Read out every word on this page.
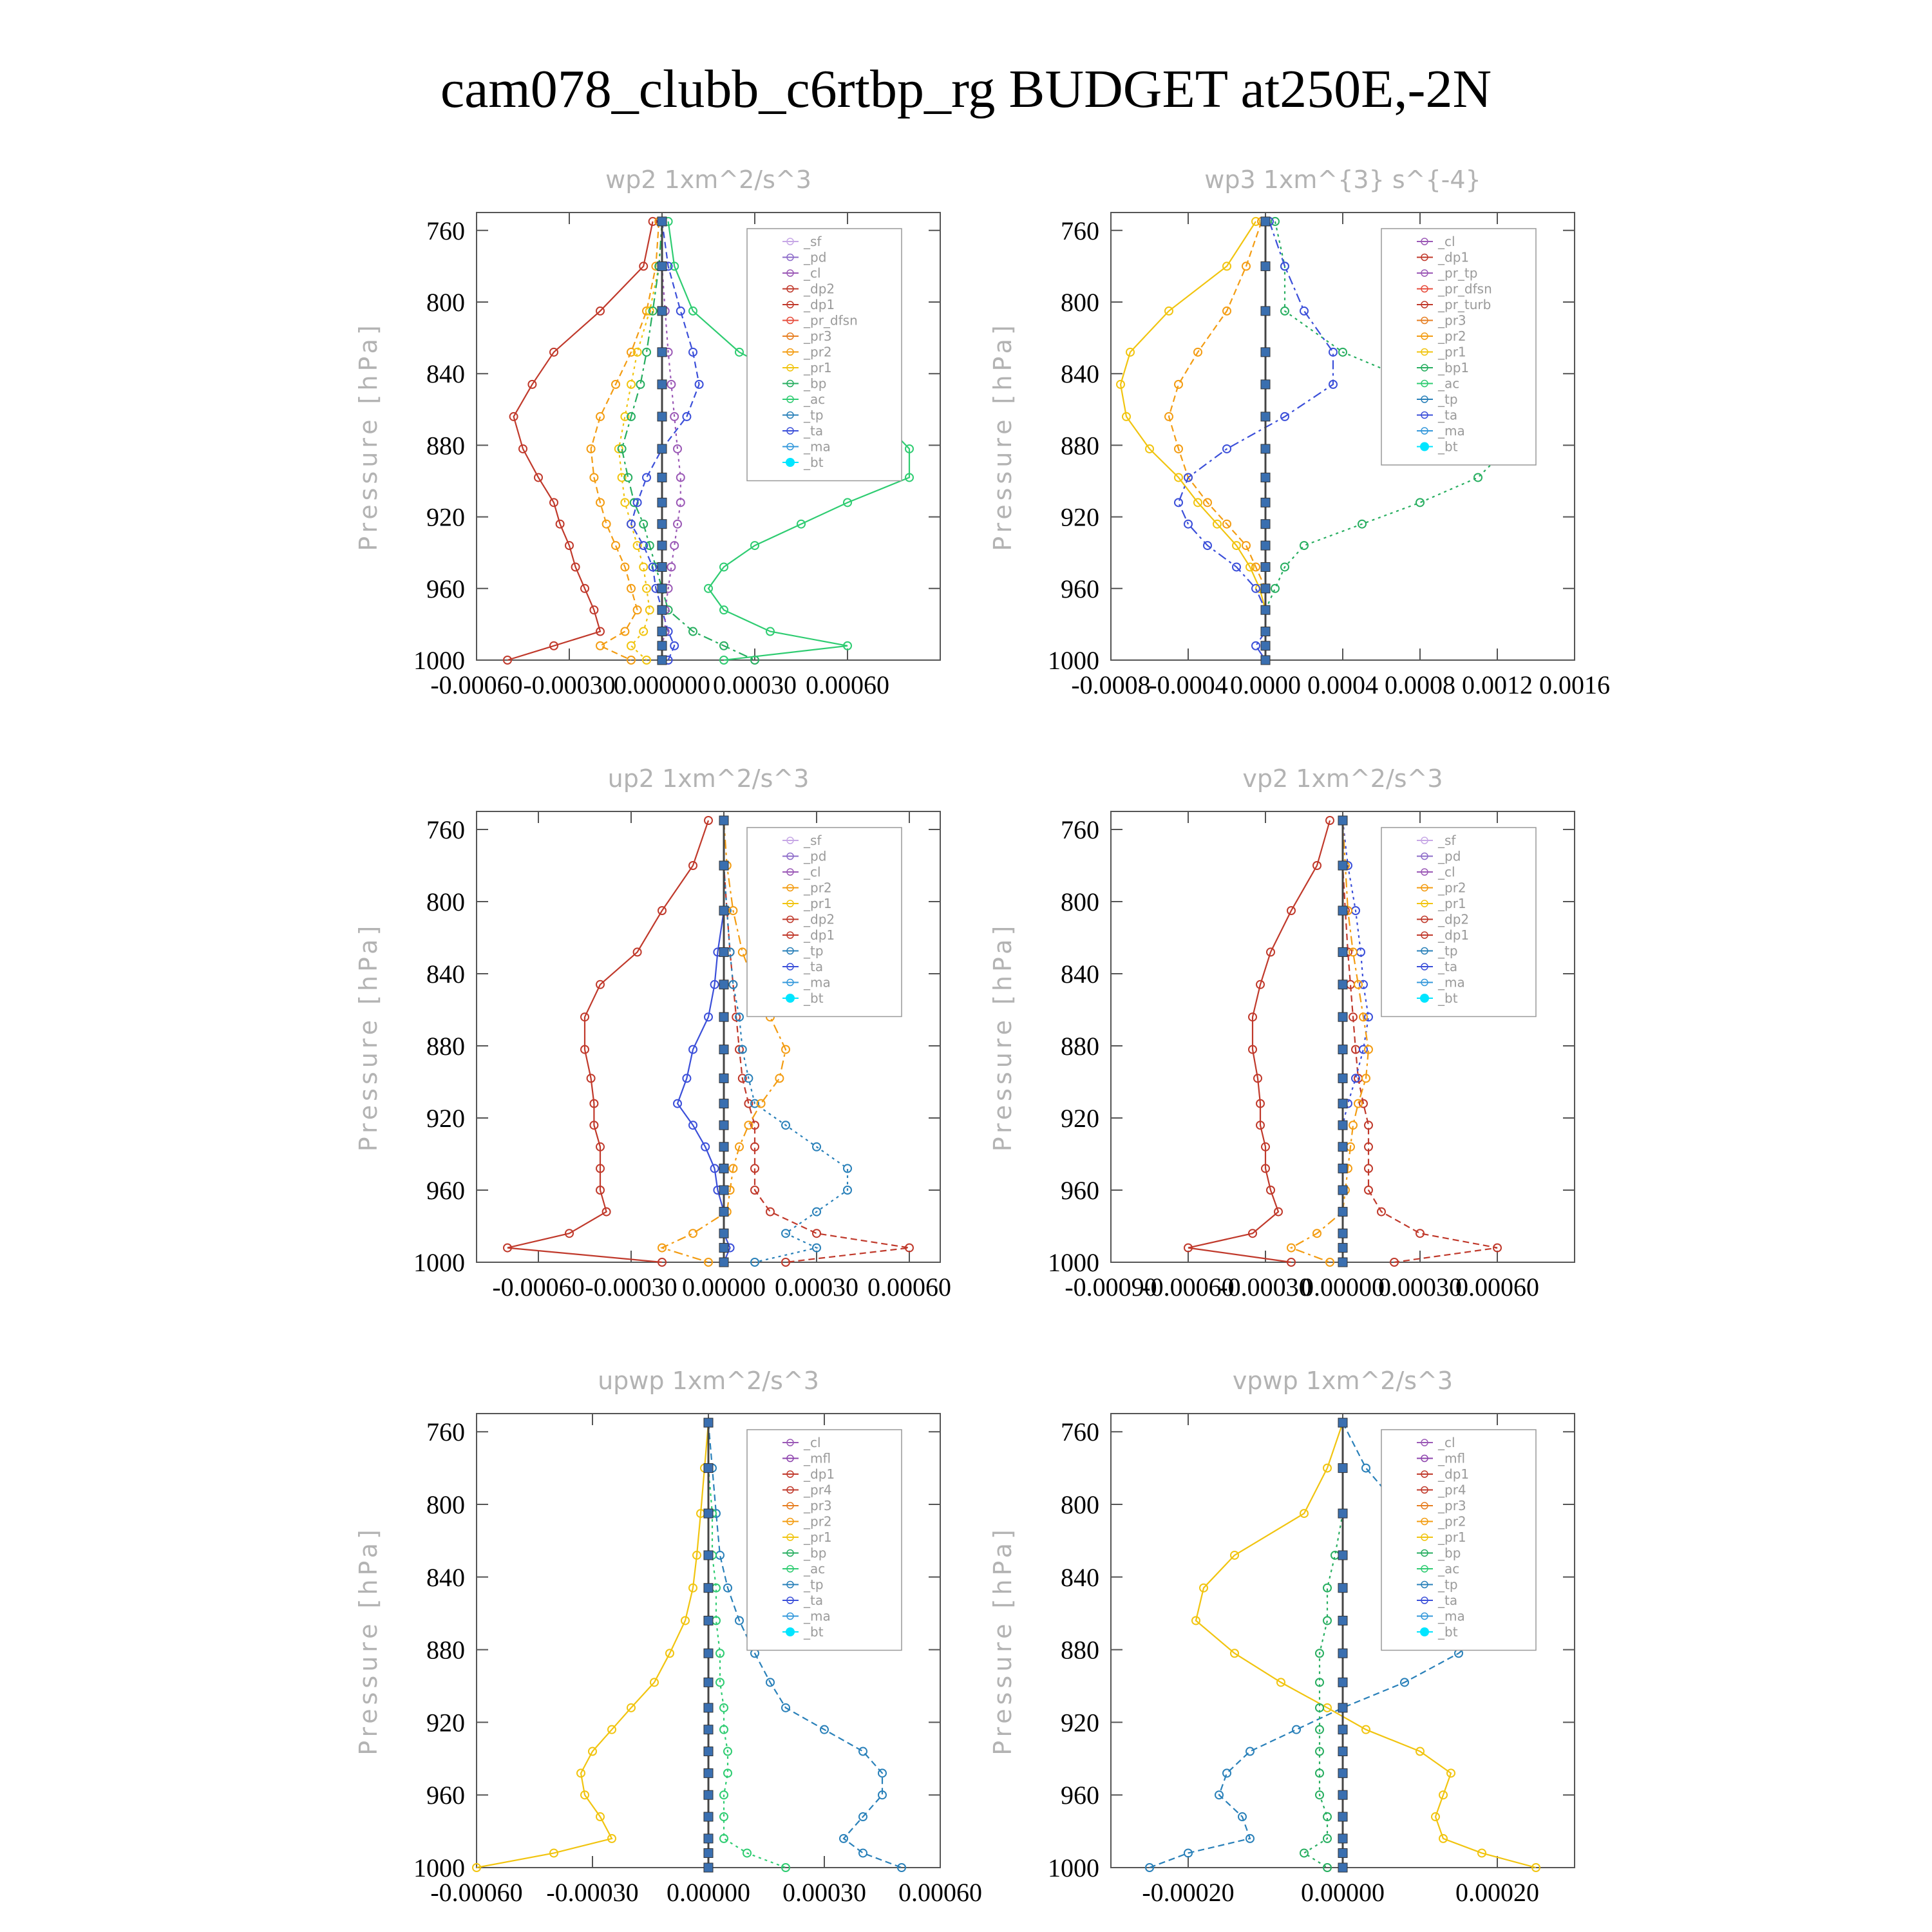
cam078_clubb_c6rtbp_rg BUDGET at250E,-2N
wp2 1xm^2/s^3
Pressure [hPa]
760
800
840
880
920
960
1000
-0.00060 -0.00030
0.000000 0.00030 0.00060
_sf
_pd
_cl
_dp2
_dp1
_pr_dfsn
_pr3
_pr2
_pr1
_bp
_ac
_tp
_ta
_ma
_bt
wp3 1xm^{3} s^{-4}
Pressure [hPa]
760
800
840
880
920
960
1000
-0.0008
-0.0004 0.0000 0.0004 0.0008 0.0012 0.0016
_cl
_dp1
_pr_tp
_pr_dfsn
_pr_turb
_pr3
_pr2
_pr1
_bp1
_ac
_tp
_ta
_ma
_bt
up2 1xm^2/s^3
Pressure [hPa]
760
800
840
880
920
960
1000
-0.00060 -0.00030 0.00000 0.00030 0.00060
_sf
_pd
_cl
_pr2
_pr1
_dp2
_dp1
_tp
_ta
_ma
_bt
vp2 1xm^2/s^3
Pressure [hPa]
760
800
840
880
920
960
1000
-0.00090
-0.00060
-0.00030
0.00000
0.00030
0.00060
_sf
_pd
_cl
_pr2
_pr1
_dp2
_dp1
_tp
_ta
_ma
_bt
upwp 1xm^2/s^3
Pressure [hPa]
760
800
840
880
920
960
1000
-0.00060 -0.00030 0.00000 0.00030 0.00060
_cl
_mfl
_dp1
_pr4
_pr3
_pr2
_pr1
_bp
_ac
_tp
_ta
_ma
_bt
vpwp 1xm^2/s^3
Pressure [hPa]
760
800
840
880
920
960
1000
-0.00020	0.00000	0.00020
_cl
_mfl
_dp1
_pr4
_pr3
_pr2
_pr1
_bp
_ac
_tp
_ta
_ma
_bt
